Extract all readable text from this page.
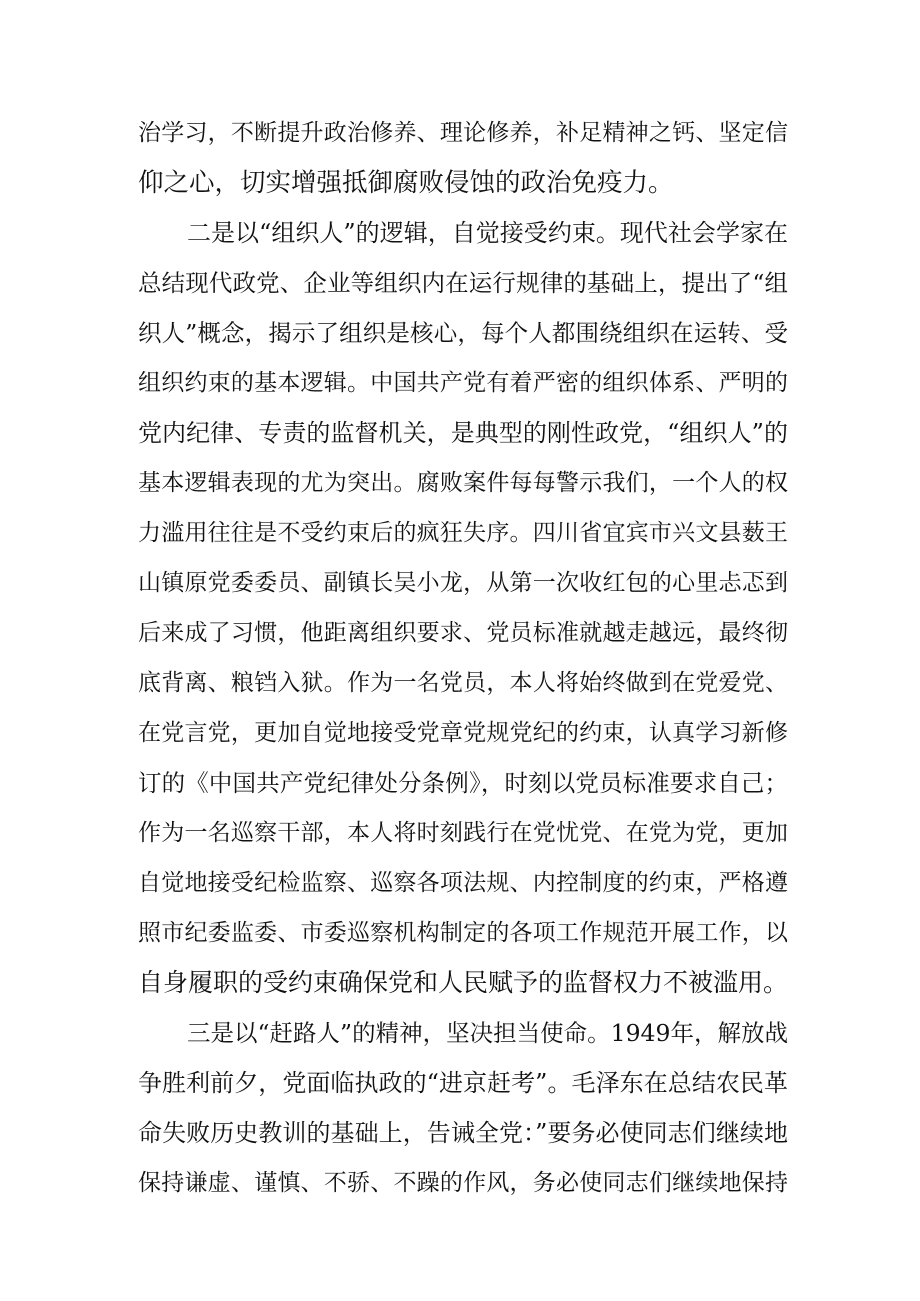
治学习，不断提升政治修养、理论修养，补足精神之钙、坚定信
仰之心，切实增强抵御腐败侵蚀的政治免疫力。
二是以“组织人”的逻辑，自觉接受约束。现代社会学家在
总结现代政党、企业等组织内在运行规律的基础上，提出了“组
织人”概念，揭示了组织是核心，每个人都围绕组织在运转、受
组织约束的基本逻辑。中国共产党有着严密的组织体系、严明的
党内纪律、专责的监督机关，是典型的刚性政党，“组织人”的
基本逻辑表现的尤为突出。腐败案件每每警示我们，一个人的权
力滥用往往是不受约束后的疯狂失序。四川省宜宾市兴文县薮王
山镇原党委委员、副镇长吴小龙，从第一次收红包的心里忐忑到
后来成了习惯，他距离组织要求、党员标准就越走越远，最终彻
底背离、粮铛入狱。作为一名党员，本人将始终做到在党爱党、
在党言党，更加自觉地接受党章党规党纪的约束，认真学习新修
订的《中国共产党纪律处分条例》，时刻以党员标准要求自己；
作为一名巡察干部，本人将时刻践行在党忧党、在党为党，更加
自觉地接受纪检监察、巡察各项法规、内控制度的约束，严格遵
照市纪委监委、市委巡察机构制定的各项工作规范开展工作，以
自身履职的受约束确保党和人民赋予的监督权力不被滥用。
三是以“赶路人”的精神，坚决担当使命。1949年，解放战
争胜利前夕，党面临执政的“进京赶考”。毛泽东在总结农民革
命失败历史教训的基础上，告诫全党：”要务必使同志们继续地
保持谦虚、谨慎、不骄、不躁的作风，务必使同志们继续地保持
